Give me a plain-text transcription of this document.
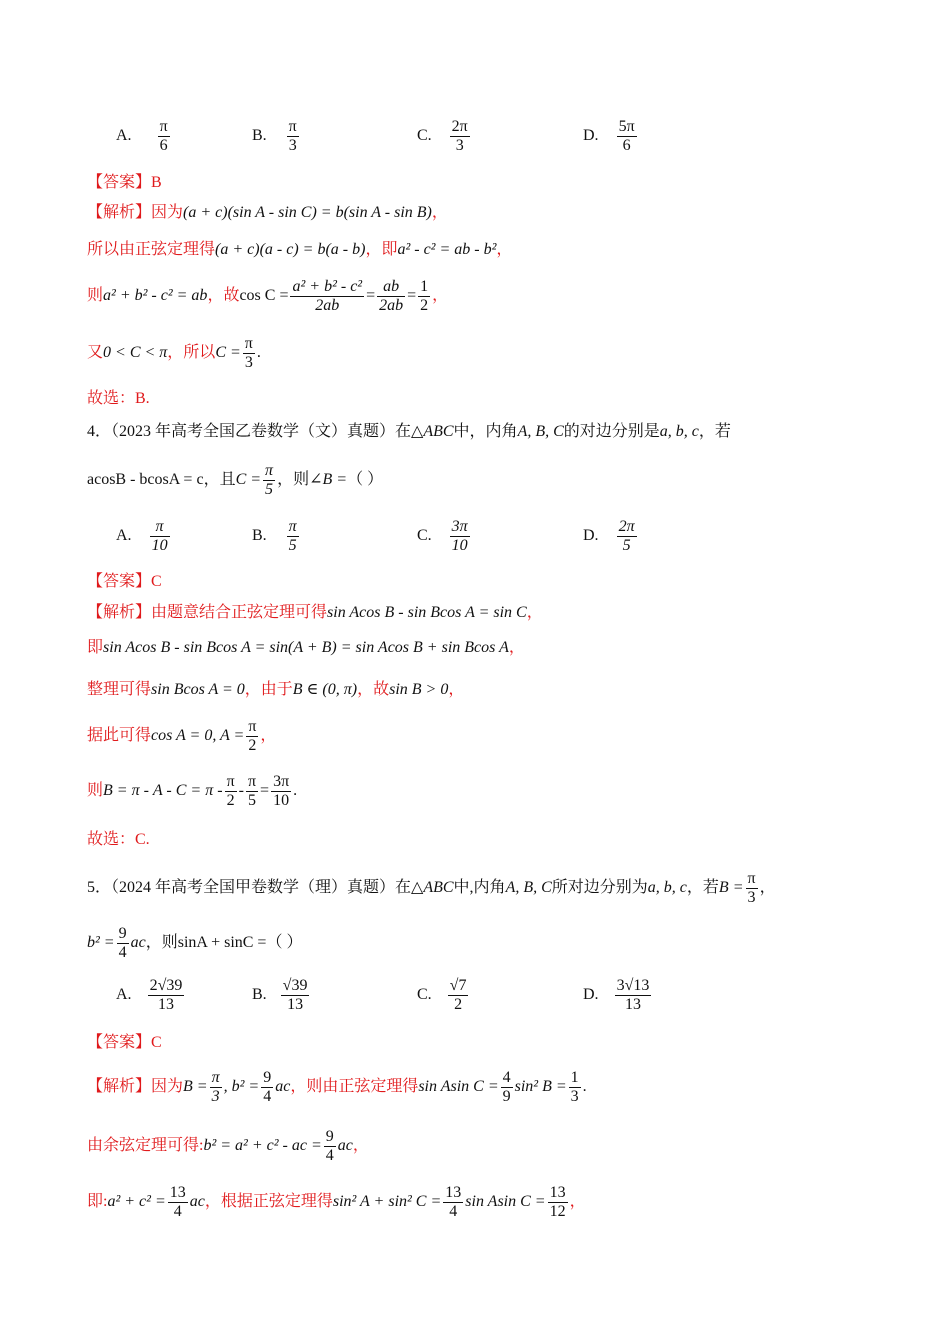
A. $\frac{\pi}{6}$	B. $\frac{\pi}{3}$	C. $\frac{2\pi}{3}$	D. $\frac{5\pi}{6}$
【答案】B
【解析】因为(a + c)(sin A - sin C) = b(sin A - sin B)，
所以由正弦定理得(a + c)(a - c) = b(a - b)，即a² - c² = ab - b²，
则a² + b² - c² = ab，故$\cos C = \frac{\text{a² + b² - c²}}{2ab} = \frac{ab}{2ab} = \frac{1}{2}$ ，
又0 < C < π，所以$C = \frac{\pi}{3}$ .
故选：B.
4．（2023 年高考全国乙卷数学（文）真题）在△ABC中，内角A, B, C的对边分别是a, b, c，若
acosB - bcosA = c，且$C = \frac{\pi}{5}$ ，则∠B =（ ）
A. $\frac{\pi}{10}$	B. $\frac{\pi}{5}$	C. $\frac{3\pi}{10}$	D. $\frac{2\pi}{5}$
【答案】C
【解析】由题意结合正弦定理可得sin Acos B - sin Bcos A = sin C，
即sin Acos B - sin Bcos A = sin(A + B) = sin Acos B + sin Bcos A，
整理可得sin Bcos A = 0，由于B ∈ (0, π)，故sin B > 0，
据此可得cos A = 0, $A = \frac{\pi}{2}$ ，
则$B = \pi - A - C = \pi - \frac{\pi}{2} - \frac{\pi}{5} = \frac{3\pi}{10}$ .
故选：C.
5．（2024 年高考全国甲卷数学（理）真题）在△ABC中,内角A, B, C所对边分别为a, b, c，若$B = \frac{\pi}{3}$ ，
$b^2 = \frac{9}{4}$ ac，则sinA + sinC =（ ）
A. $\frac{2√39}{13}$	B. $\frac{√39}{13}$	C. $\frac{√7}{2}$	D. $\frac{3√13}{13}$
【答案】C
【解析】因为$B = \frac{\pi}{3}$ , $b^2 = \frac{9}{4}$ ac，则由正弦定理得sin Asin $C = \frac{4}{9} \sin^2$ $B = \frac{1}{3}$ .
由余弦定理可得:b² = a² + c² - ac = $\frac{9}{4}$ ac，
即:a² + $c^2 = \frac{13}{4}$ ac，根据正弦定理得sin² A + sin² $C = \frac{13}{4}$ sin Asin $C = \frac{13}{12}$ ，
